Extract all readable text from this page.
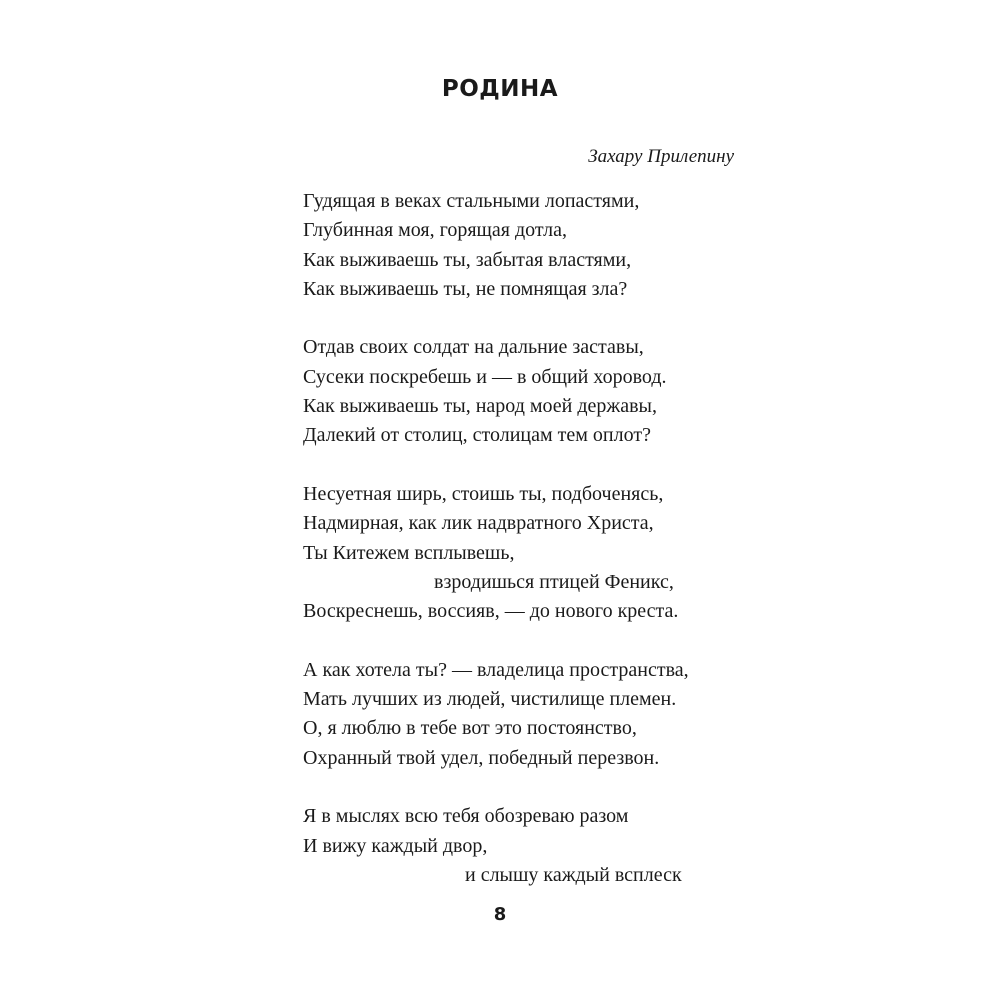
РОДИНА
Захару Прилепину
Гудящая в веках стальными лопастями,
Глубинная моя, горящая дотла,
Как выживаешь ты, забытая властями,
Как выживаешь ты, не помнящая зла?
Отдав своих солдат на дальние заставы,
Сусеки поскребешь и — в общий хоровод.
Как выживаешь ты, народ моей державы,
Далекий от столиц, столицам тем оплот?
Несуетная ширь, стоишь ты, подбоченясь,
Надмирная, как лик надвратного Христа,
Ты Китежем всплывешь,
взродишься птицей Феникс,
Воскреснешь, воссияв, — до нового креста.
А как хотела ты? — владелица пространства,
Мать лучших из людей, чистилище племен.
О, я люблю в тебе вот это постоянство,
Охранный твой удел, победный перезвон.
Я в мыслях всю тебя обозреваю разом
И вижу каждый двор,
и слышу каждый всплеск
8
